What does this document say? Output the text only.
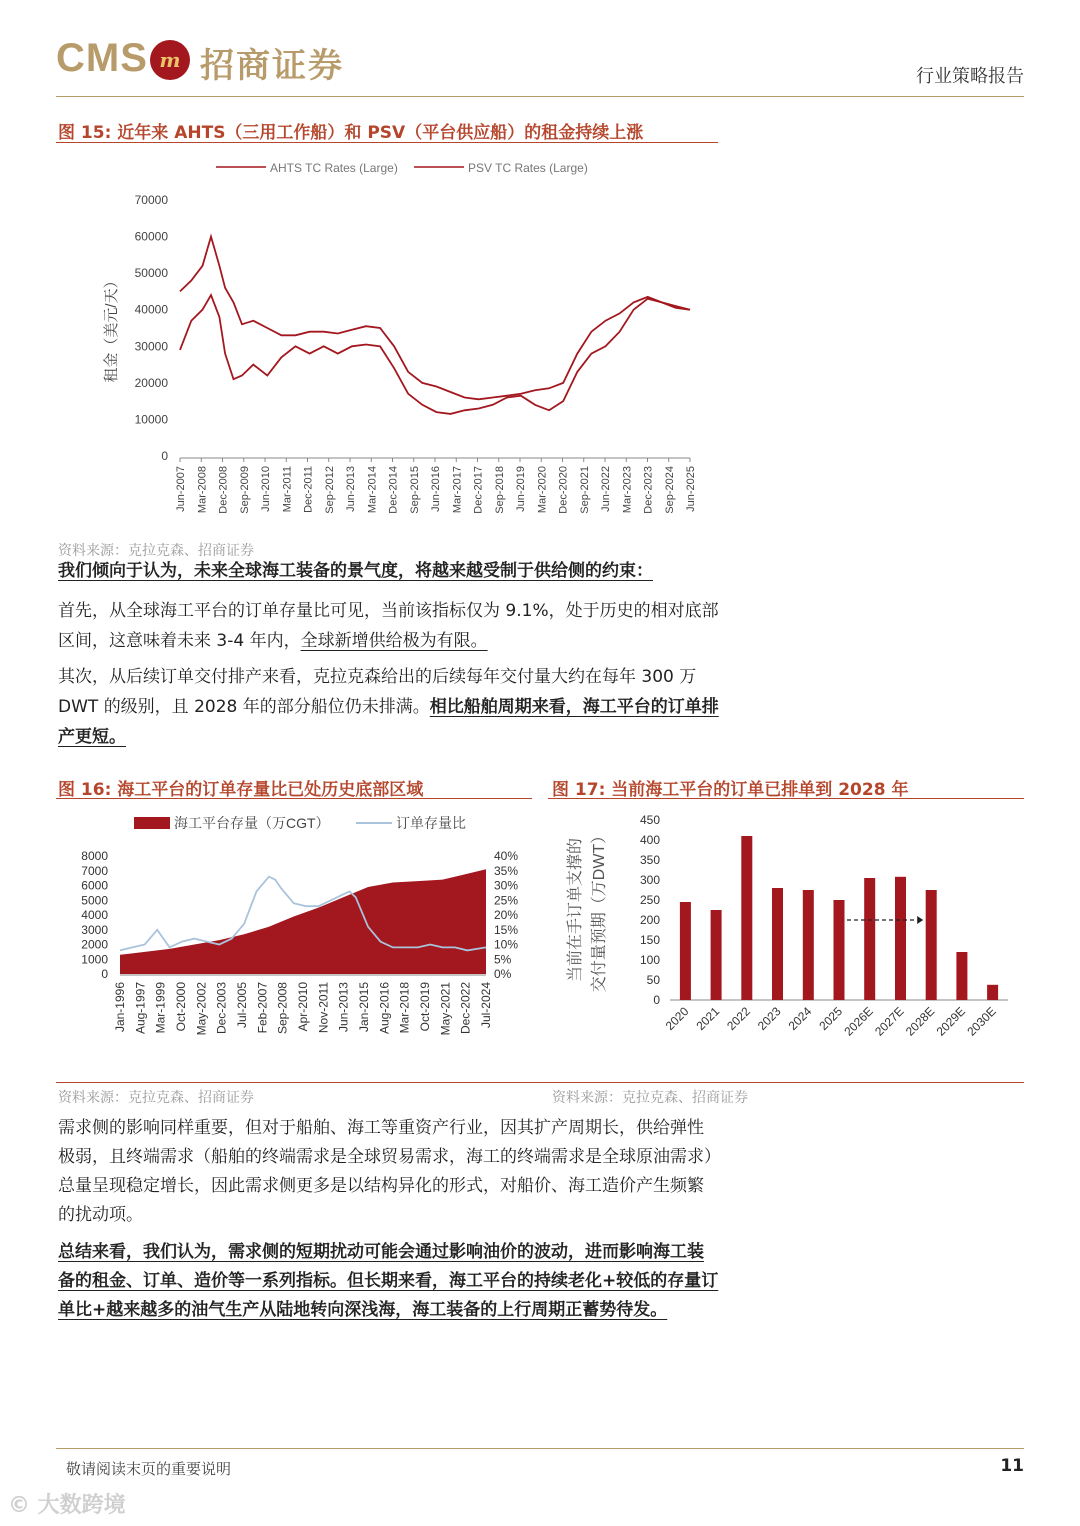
CMS m 招商证券	行业策略报告
图 15: 近年来 AHTS（三用工作船）和 PSV（平台供应船）的租金持续上涨
AHTS TC Rates (Large)	PSV TC Rates (Large)
0
10000
20000
30000
40000
50000
60000
70000
租金（美元/天）
Jun-2007 Mar-2008 Dec-2008 Sep-2009 Jun-2010 Mar-2011 Dec-2011 Sep-2012 Jun-2013 Mar-2014 Dec-2014 Sep-2015 Jun-2016 Mar-2017 Dec-2017 Sep-2018 Jun-2019 Mar-2020 Dec-2020 Sep-2021 Jun-2022 Mar-2023 Dec-2023 Sep-2024 Jun-2025
资料来源：克拉克森、招商证券
我们倾向于认为，未来全球海工装备的景气度，将越来越受制于供给侧的约束：
首先，从全球海工平台的订单存量比可见，当前该指标仅为 9.1%，处于历史的相对底部区间，这意味着未来 3-4 年内，全球新增供给极为有限。
其次，从后续订单交付排产来看，克拉克森给出的后续每年交付量大约在每年 300 万 DWT 的级别，且 2028 年的部分船位仍未排满。相比船舶周期来看，海工平台的订单排产更短。
图 16: 海工平台的订单存量比已处历史底部区域
海工平台存量（万CGT）	订单存量比
0
1000
2000
3000
4000
5000
6000
7000
8000
0%
5%
10%
15%
20%
25%
30%
35%
40%
Jan-1996 Aug-1997 Mar-1999 Oct-2000 May-2002 Dec-2003 Jul-2005 Feb-2007 Sep-2008 Apr-2010 Nov-2011 Jun-2013 Jan-2015 Aug-2016 Mar-2018 Oct-2019 May-2021 Dec-2022 Jul-2024
图 17: 当前海工平台的订单已排单到 2028 年
当前在手订单支撑的 交付量预期（万DWT）
0
50
100
150
200
250
300
350
400
450
2020 2021 2022 2023 2024 2025
2026E
2027E
2028E
2029E
2030E
资料来源：克拉克森、招商证券	资料来源：克拉克森、招商证券
需求侧的影响同样重要，但对于船舶、海工等重资产行业，因其扩产周期长，供给弹性极弱，且终端需求（船舶的终端需求是全球贸易需求，海工的终端需求是全球原油需求）总量呈现稳定增长，因此需求侧更多是以结构异化的形式，对船价、海工造价产生频繁的扰动项。
总结来看，我们认为，需求侧的短期扰动可能会通过影响油价的波动，进而影响海工装备的租金、订单、造价等一系列指标。但长期来看，海工平台的持续老化+较低的存量订单比+越来越多的油气生产从陆地转向深浅海，海工装备的上行周期正蓄势待发。
敬请阅读末页的重要说明	11
© 大数跨境
